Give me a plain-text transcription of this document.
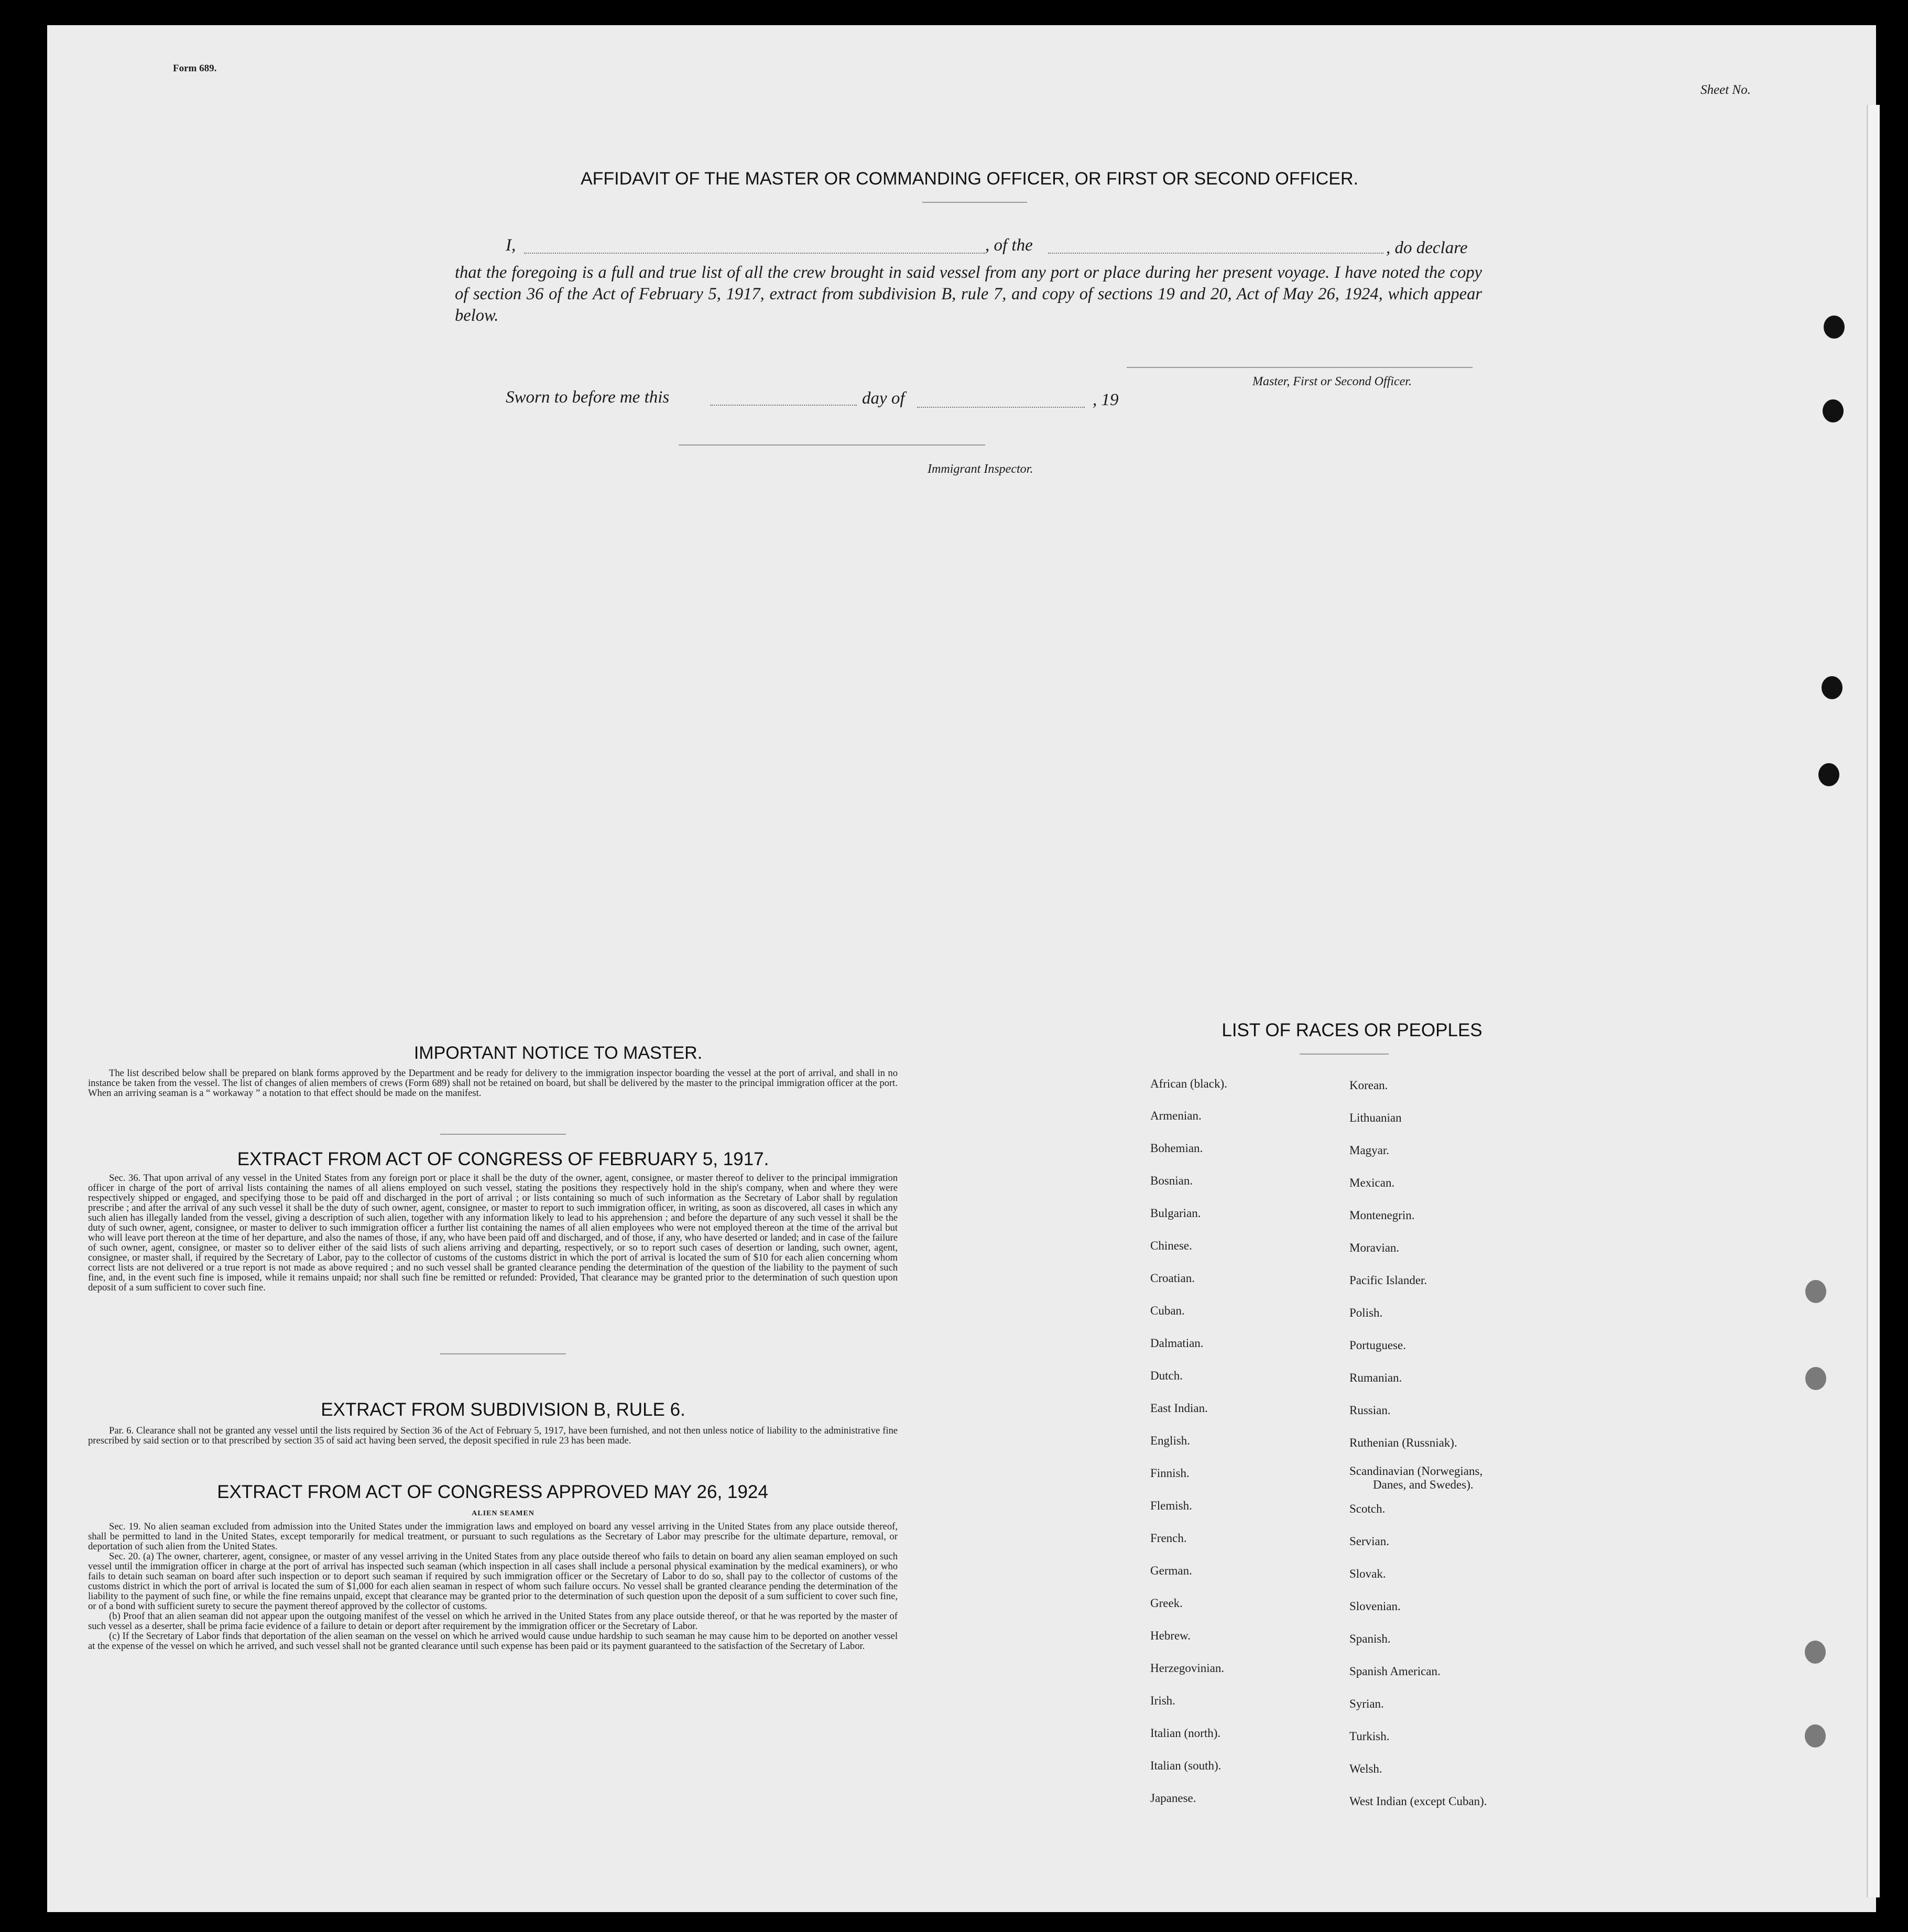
Form 689.
Sheet No.
AFFIDAVIT OF THE MASTER OR COMMANDING OFFICER, OR FIRST OR SECOND OFFICER.
I,	, of the	, do declare
that the foregoing is a full and true list of all the crew brought in said vessel from any port or place during her present voyage. I have noted the copy of section 36 of the Act of February 5, 1917, extract from subdivision B, rule 7, and copy of sections 19 and 20, Act of May 26, 1924, which appear below.
Master, First or Second Officer.
Sworn to before me this	day of	, 19
Immigrant Inspector.
IMPORTANT NOTICE TO MASTER.

The list described below shall be prepared on blank forms approved by the Department and be ready for delivery to the immigration inspector boarding the vessel at the port of arrival, and shall in no instance be taken from the vessel. The list of changes of alien members of crews (Form 689) shall not be retained on board, but shall be delivered by the master to the principal immigration officer at the port. When an arriving seaman is a “ workaway ” a notation to that effect should be made on the manifest.

EXTRACT FROM ACT OF CONGRESS OF FEBRUARY 5, 1917.

Sec. 36. That upon arrival of any vessel in the United States from any foreign port or place it shall be the duty of the owner, agent, consignee, or master thereof to deliver to the principal immigration officer in charge of the port of arrival lists containing the names of all aliens employed on such vessel, stating the positions they respectively hold in the ship's company, when and where they were respectively shipped or engaged, and specifying those to be paid off and discharged in the port of arrival ; or lists containing so much of such information as the Secretary of Labor shall by regulation prescribe ; and after the arrival of any such vessel it shall be the duty of such owner, agent, consignee, or master to report to such immigration officer, in writing, as soon as discovered, all cases in which any such alien has illegally landed from the vessel, giving a description of such alien, together with any information likely to lead to his apprehension ; and before the departure of any such vessel it shall be the duty of such owner, agent, consignee, or master to deliver to such immigration officer a further list containing the names of all alien employees who were not employed thereon at the time of the arrival but who will leave port thereon at the time of her departure, and also the names of those, if any, who have been paid off and discharged, and of those, if any, who have deserted or landed; and in case of the failure of such owner, agent, consignee, or master so to deliver either of the said lists of such aliens arriving and departing, respectively, or so to report such cases of desertion or landing, such owner, agent, consignee, or master shall, if required by the Secretary of Labor, pay to the collector of customs of the customs district in which the port of arrival is located the sum of $10 for each alien concerning whom correct lists are not delivered or a true report is not made as above required ; and no such vessel shall be granted clearance pending the determination of the question of the liability to the payment of such fine, and, in the event such fine is imposed, while it remains unpaid; nor shall such fine be remitted or refunded: Provided, That clearance may be granted prior to the determination of such question upon deposit of a sum sufficient to cover such fine.

EXTRACT FROM SUBDIVISION B, RULE 6.

Par. 6. Clearance shall not be granted any vessel until the lists required by Section 36 of the Act of February 5, 1917, have been furnished, and not then unless notice of liability to the administrative fine prescribed by said section or to that prescribed by section 35 of said act having been served, the deposit specified in rule 23 has been made.

EXTRACT FROM ACT OF CONGRESS APPROVED MAY 26, 1924
ALIEN SEAMEN

Sec. 19. No alien seaman excluded from admission into the United States under the immigration laws and employed on board any vessel arriving in the United States from any place outside thereof, shall be permitted to land in the United States, except temporarily for medical treatment, or pursuant to such regulations as the Secretary of Labor may prescribe for the ultimate departure, removal, or deportation of such alien from the United States.

Sec. 20. (a) The owner, charterer, agent, consignee, or master of any vessel arriving in the United States from any place outside thereof who fails to detain on board any alien seaman employed on such vessel until the immigration officer in charge at the port of arrival has inspected such seaman (which inspection in all cases shall include a personal physical examination by the medical examiners), or who fails to detain such seaman on board after such inspection or to deport such seaman if required by such immigration officer or the Secretary of Labor to do so, shall pay to the collector of customs of the customs district in which the port of arrival is located the sum of $1,000 for each alien seaman in respect of whom such failure occurs. No vessel shall be granted clearance pending the determination of the liability to the payment of such fine, or while the fine remains unpaid, except that clearance may be granted prior to the determination of such question upon the deposit of a sum sufficient to cover such fine, or of a bond with sufficient surety to secure the payment thereof approved by the collector of customs.

(b) Proof that an alien seaman did not appear upon the outgoing manifest of the vessel on which he arrived in the United States from any place outside thereof, or that he was reported by the master of such vessel as a deserter, shall be prima facie evidence of a failure to detain or deport after requirement by the immigration officer or the Secretary of Labor.

(c) If the Secretary of Labor finds that deportation of the alien seaman on the vessel on which he arrived would cause undue hardship to such seaman he may cause him to be deported on another vessel at the expense of the vessel on which he arrived, and such vessel shall not be granted clearance until such expense has been paid or its payment guaranteed to the satisfaction of the Secretary of Labor.

LIST OF RACES OR PEOPLES
African (black).
Armenian.
Bohemian.
Bosnian.
Bulgarian.
Chinese.
Croatian.
Cuban.
Dalmatian.
Dutch.
East Indian.
English.
Finnish.
Flemish.
French.
German.
Greek.
Hebrew.
Herzegovinian.
Irish.
Italian (north).
Italian (south).
Japanese.
Korean.
Lithuanian
Magyar.
Mexican.
Montenegrin.
Moravian.
Pacific Islander.
Polish.
Portuguese.
Rumanian.
Russian.
Ruthenian (Russniak).
Scandinavian (Norwegians,
Danes, and Swedes).
Scotch.
Servian.
Slovak.
Slovenian.
Spanish.
Spanish American.
Syrian.
Turkish.
Welsh.
West Indian (except Cuban).
